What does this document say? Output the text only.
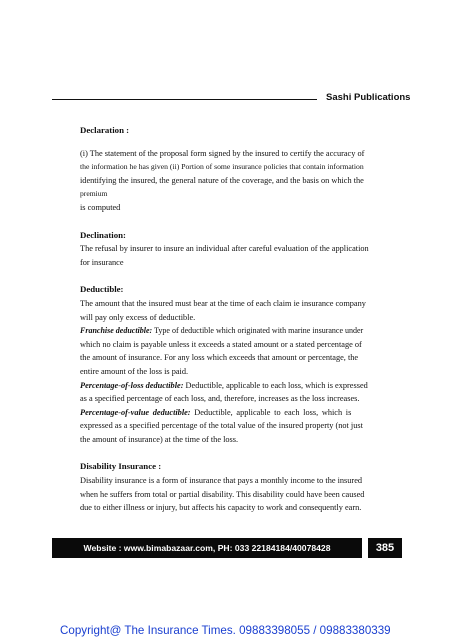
Sashi Publications
Declaration :
(i) The statement of the proposal form signed by the insured to certify the accuracy of
the information he has given (ii) Portion of some insurance policies that contain information
identifying the insured, the general nature of the coverage, and the basis on which the
premium
is computed
Declination:
The refusal by insurer to insure an individual after careful evaluation of the application
for insurance
Deductible:
The amount that the insured must bear at the time of each claim ie insurance company
will pay only excess of deductible.
Franchise deductible: Type of deductible which originated with marine insurance under
which no claim is payable unless it exceeds a stated amount or a stated percentage of
the amount of insurance. For any loss which exceeds that amount or percentage, the
entire amount of the loss is paid.
Percentage-of-loss deductible: Deductible, applicable to each loss, which is expressed
as a specified percentage of each loss, and, therefore, increases as the loss increases.
Percentage-of-value deductible: Deductible, applicable to each loss, which is
expressed as a specified percentage of the total value of the insured property (not just
the amount of insurance) at the time of the loss.
Disability Insurance :
Disability insurance is a form of insurance that pays a monthly income to the insured
when he suffers from total or partial disability. This disability could have been caused
due to either illness or injury, but affects his capacity to work and consequently earn.
Website : www.bimabazaar.com, PH: 033 22184184/40078428	385
Copyright@ The Insurance Times. 09883398055 / 09883380339
